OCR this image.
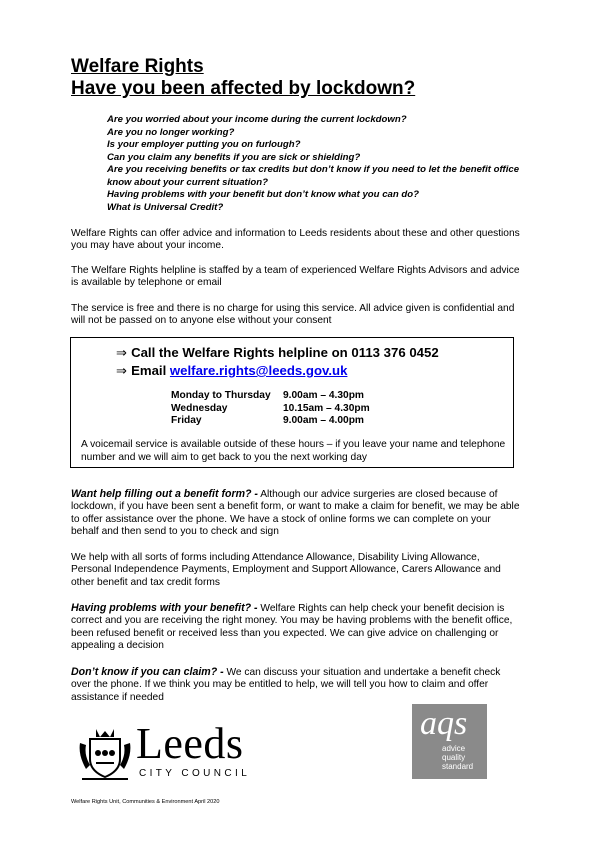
Welfare Rights
Have you been affected by lockdown?
Are you worried about your income during the current lockdown?
Are you no longer working?
Is your employer putting you on furlough?
Can you claim any benefits if you are sick or shielding?
Are you receiving benefits or tax credits but don’t know if you need to let the benefit office know about your current situation?
Having problems with your benefit but don’t know what you can do?
What is Universal Credit?
Welfare Rights can offer advice and information to Leeds residents about these and other questions you may have about your income.
The Welfare Rights helpline is staffed by a team of experienced Welfare Rights Advisors and advice is available by telephone or email
The service is free and there is no charge for using this service. All advice given is confidential and will not be passed on to anyone else without your consent
⇒ Call the Welfare Rights helpline on 0113 376 0452
⇒ Email welfare.rights@leeds.gov.uk
Monday to Thursday	9.00am – 4.30pm
Wednesday	10.15am – 4.30pm
Friday	9.00am – 4.00pm
A voicemail service is available outside of these hours – if you leave your name and telephone number and we will aim to get back to you the next working day
Want help filling out a benefit form? - Although our advice surgeries are closed because of lockdown, if you have been sent a benefit form, or want to make a claim for benefit, we may be able to offer assistance over the phone. We have a stock of online forms we can complete on your behalf and then send to you to check and sign
We help with all sorts of forms including Attendance Allowance, Disability Living Allowance, Personal Independence Payments, Employment and Support Allowance, Carers Allowance and other benefit and tax credit forms
Having problems with your benefit? - Welfare Rights can help check your benefit decision is correct and you are receiving the right money. You may be having problems with the benefit office, been refused benefit or received less than you expected. We can give advice on challenging or appealing a decision
Don’t know if you can claim? - We can discuss your situation and undertake a benefit check over the phone. If we think you may be entitled to help, we will tell you how to claim and offer assistance if needed
Leeds
CITY COUNCIL
aqs
advice
quality
standard
Welfare Rights Unit, Communities & Environment April 2020
